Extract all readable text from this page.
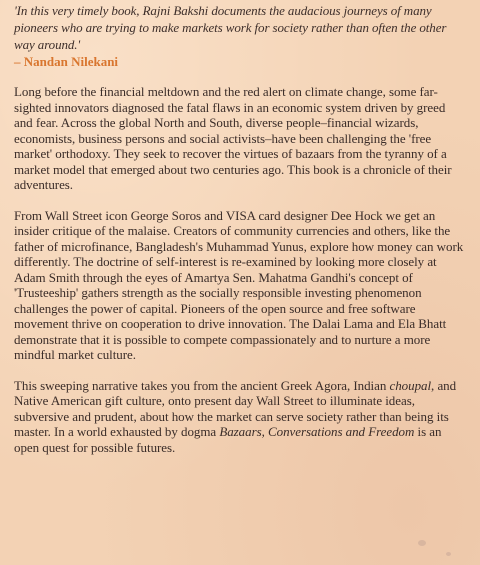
'In this very timely book, Rajni Bakshi documents the audacious journeys of many pioneers who are trying to make markets work for society rather than often the other way around.'

– Nandan Nilekani

Long before the financial meltdown and the red alert on climate change, some far-sighted innovators diagnosed the fatal flaws in an economic system driven by greed and fear. Across the global North and South, diverse people–financial wizards, economists, business persons and social activists–have been challenging the 'free market' orthodoxy. They seek to recover the virtues of bazaars from the tyranny of a market model that emerged about two centuries ago. This book is a chronicle of their adventures.

From Wall Street icon George Soros and VISA card designer Dee Hock we get an insider critique of the malaise. Creators of community currencies and others, like the father of microfinance, Bangladesh's Muhammad Yunus, explore how money can work differently. The doctrine of self-interest is re-examined by looking more closely at Adam Smith through the eyes of Amartya Sen. Mahatma Gandhi's concept of 'Trusteeship' gathers strength as the socially responsible investing phenomenon challenges the power of capital. Pioneers of the open source and free software movement thrive on cooperation to drive innovation. The Dalai Lama and Ela Bhatt demonstrate that it is possible to compete compassionately and to nurture a more mindful market culture.

This sweeping narrative takes you from the ancient Greek Agora, Indian choupal, and Native American gift culture, onto present day Wall Street to illuminate ideas, subversive and prudent, about how the market can serve society rather than being its master. In a world exhausted by dogma Bazaars, Conversations and Freedom is an open quest for possible futures.
